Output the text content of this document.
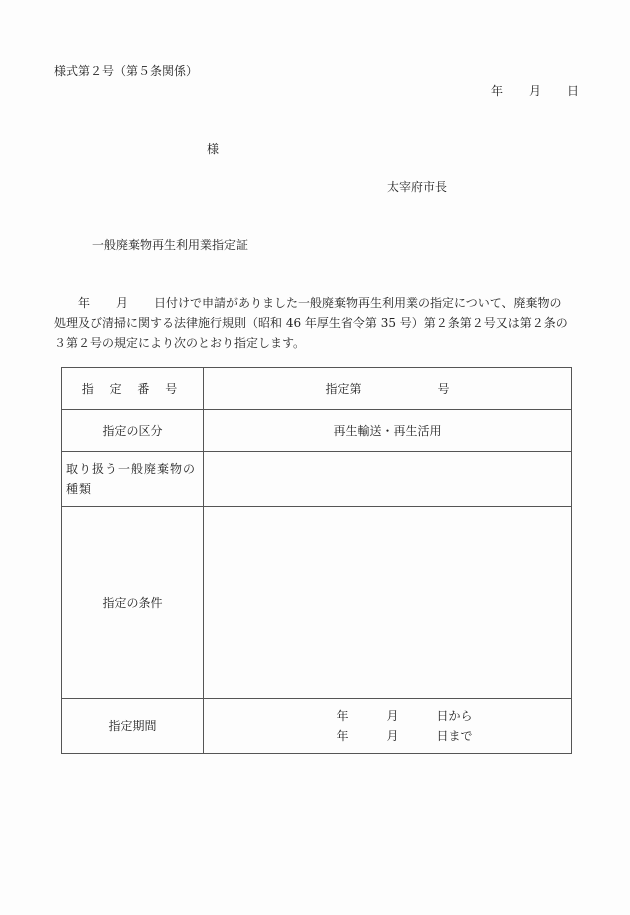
様式第２号（第５条関係）
年 月 日
様
太宰府市長
一般廃棄物再生利用業指定証

年 月 日付けで申請がありました一般廃棄物再生利用業の指定について、廃棄物の

処理及び清掃に関する法律施行規則（昭和 46 年厚生省令第 35 号）第２条第２号又は第２条の

３第２号の規定により次のとおり指定します。

指 定 番 号	指定第 号
指定の区分	再生輸送・再生活用
取り扱う一般廃棄物の種類	
指定の条件	
指定期間	年 月 日から
年 月 日まで
